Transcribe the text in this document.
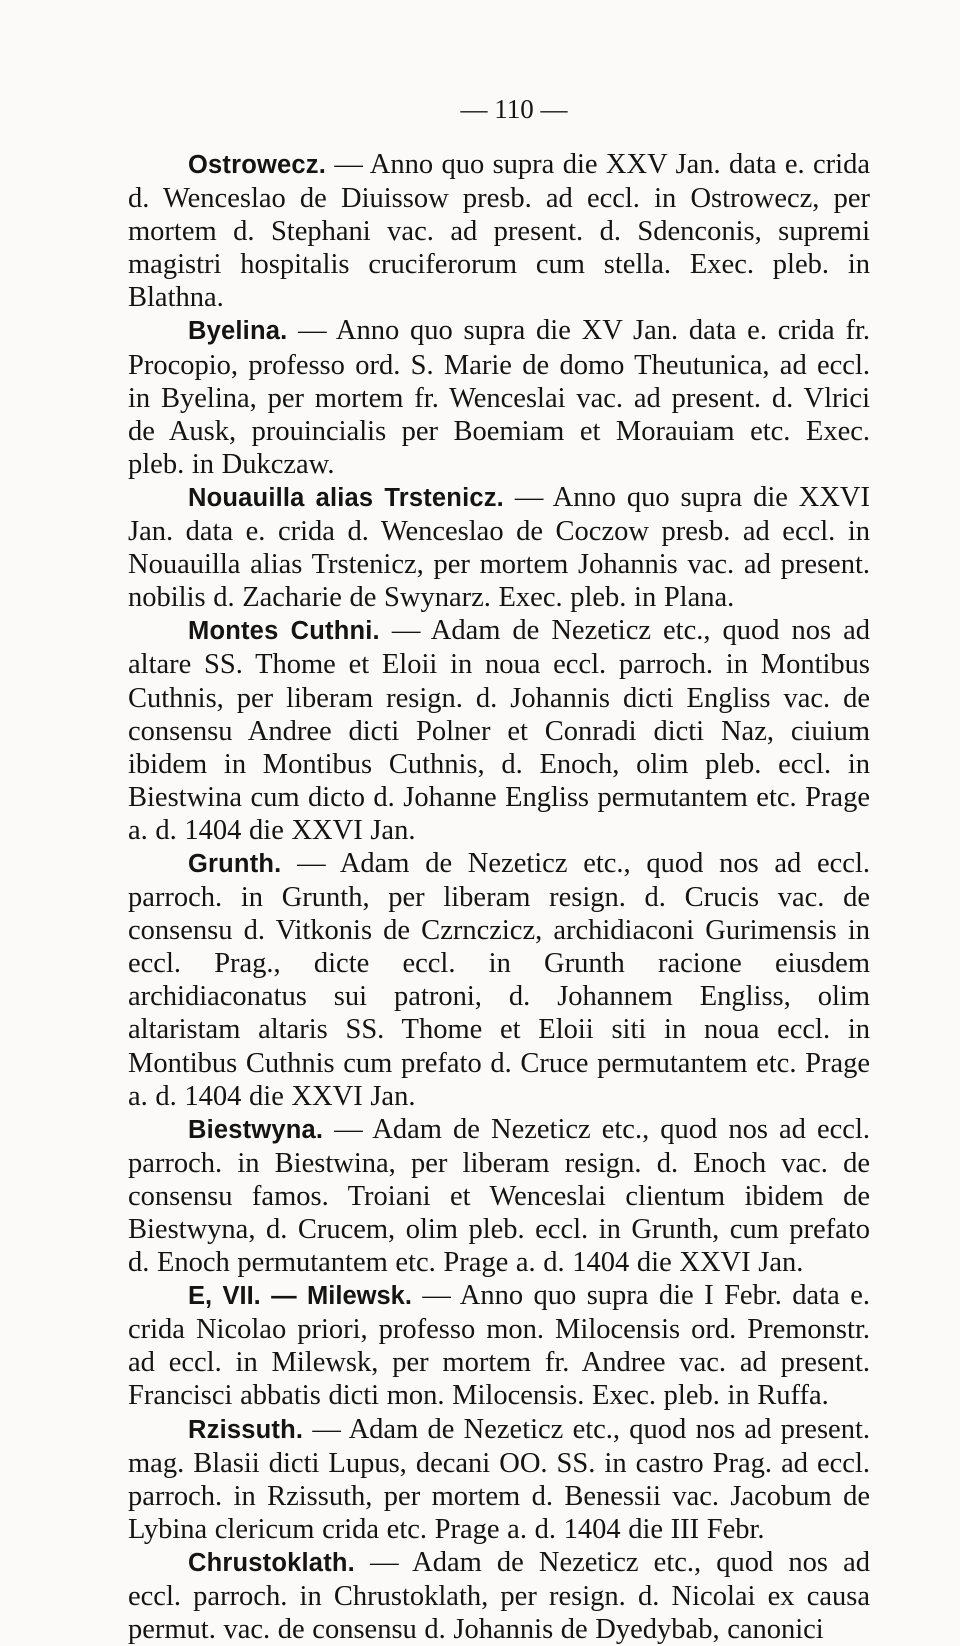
— 110 —

Ostrowecz. — Anno quo supra die XXV Jan. data e. crida d. Wenceslao de Diuissow presb. ad eccl. in Ostrowecz, per mortem d. Stephani vac. ad present. d. Sdenconis, supremi magistri hospitalis cruciferorum cum stella. Exec. pleb. in Blathna.

Byelina. — Anno quo supra die XV Jan. data e. crida fr. Procopio, professo ord. S. Marie de domo Theutunica, ad eccl. in Byelina, per mortem fr. Wenceslai vac. ad present. d. Vlrici de Ausk, prouincialis per Boemiam et Morauiam etc. Exec. pleb. in Dukczaw.

Nouauilla alias Trstenicz. — Anno quo supra die XXVI Jan. data e. crida d. Wenceslao de Coczow presb. ad eccl. in Nouauilla alias Trstenicz, per mortem Johannis vac. ad present. nobilis d. Zacharie de Swynarz. Exec. pleb. in Plana.

Montes Cuthni. — Adam de Nezeticz etc., quod nos ad altare SS. Thome et Eloii in noua eccl. parroch. in Montibus Cuthnis, per liberam resign. d. Johannis dicti Engliss vac. de consensu Andree dicti Polner et Conradi dicti Naz, ciuium ibidem in Montibus Cuthnis, d. Enoch, olim pleb. eccl. in Biestwina cum dicto d. Johanne Engliss permutantem etc. Prage a. d. 1404 die XXVI Jan.

Grunth. — Adam de Nezeticz etc., quod nos ad eccl. parroch. in Grunth, per liberam resign. d. Crucis vac. de consensu d. Vitkonis de Czrnczicz, archidiaconi Gurimensis in eccl. Prag., dicte eccl. in Grunth racione eiusdem archidiaconatus sui patroni, d. Johannem Engliss, olim altaristam altaris SS. Thome et Eloii siti in noua eccl. in Montibus Cuthnis cum prefato d. Cruce permutantem etc. Prage a. d. 1404 die XXVI Jan.

Biestwyna. — Adam de Nezeticz etc., quod nos ad eccl. parroch. in Biestwina, per liberam resign. d. Enoch vac. de consensu famos. Troiani et Wenceslai clientum ibidem de Biestwyna, d. Crucem, olim pleb. eccl. in Grunth, cum prefato d. Enoch permutantem etc. Prage a. d. 1404 die XXVI Jan.

E, VII. — Milewsk. — Anno quo supra die I Febr. data e. crida Nicolao priori, professo mon. Milocensis ord. Premonstr. ad eccl. in Milewsk, per mortem fr. Andree vac. ad present. Francisci abbatis dicti mon. Milocensis. Exec. pleb. in Ruffa.

Rzissuth. — Adam de Nezeticz etc., quod nos ad present. mag. Blasii dicti Lupus, decani OO. SS. in castro Prag. ad eccl. parroch. in Rzissuth, per mortem d. Benessii vac. Jacobum de Lybina clericum crida etc. Prage a. d. 1404 die III Febr.

Chrustoklath. — Adam de Nezeticz etc., quod nos ad eccl. parroch. in Chrustoklath, per resign. d. Nicolai ex causa permut. vac. de consensu d. Johannis de Dyedybab, canonici
